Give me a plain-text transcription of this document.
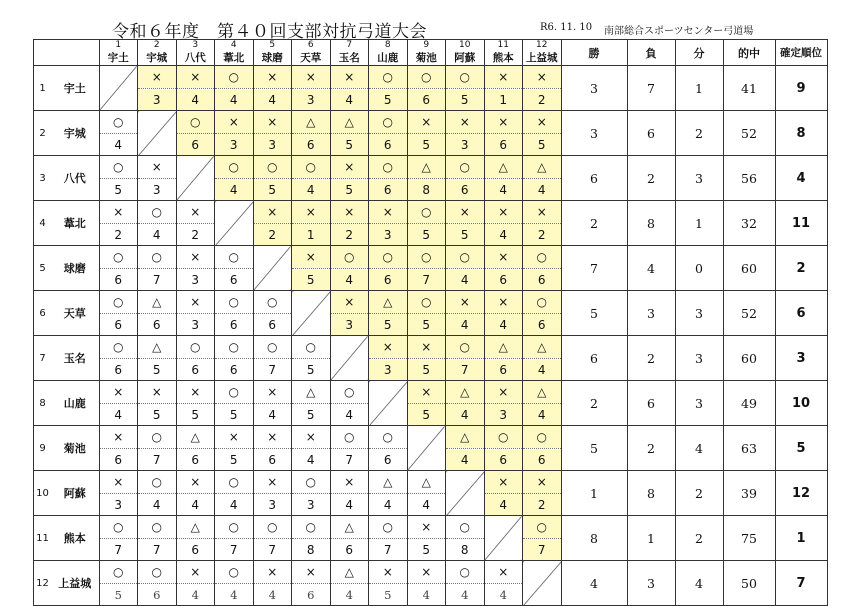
令和６年度　第４０回支部対抗弓道大会	R6. 11. 10 南部総合スポーツセンター弓道場
		1	2	3	4	5	6	7	8	9	10	11	12	勝	負	分	的中	確定順位
		宇土	宇城	八代	葦北	球磨	天草	玉名	山鹿	菊池	阿蘇	熊本	上益城					
1	宇土		×	×	○	×	×	×	○	○	○	×	×	3	7	1	41	9
			3	4	4	4	3	4	5	6	5	1	2					
2	宇城	○		○	×	×	△	△	○	×	×	×	×	3	6	2	52	8
		4		6	3	3	6	5	6	5	3	6	5					
3	八代	○	×		○	○	○	×	○	△	○	△	△	6	2	3	56	4
		5	3		4	5	4	5	6	8	6	4	4					
4	葦北	×	○	×		×	×	×	×	○	×	×	×	2	8	1	32	11
		2	4	2		2	1	2	3	5	5	4	2					
5	球磨	○	○	×	○		×	○	○	○	○	×	○	7	4	0	60	2
		6	7	3	6		5	4	6	7	4	6	6					
6	天草	○	△	×	○	○		×	△	○	×	×	○	5	3	3	52	6
		6	6	3	6	6		3	5	5	4	4	6					
7	玉名	○	△	○	○	○	○		×	×	○	△	△	6	2	3	60	3
		6	5	6	6	7	5		3	5	7	6	4					
8	山鹿	×	×	×	○	×	△	○		×	△	×	△	2	6	3	49	10
		4	5	5	5	4	5	4		5	4	3	4					
9	菊池	×	○	△	×	×	×	○	○		△	○	○	5	2	4	63	5
		6	7	6	5	6	4	7	6		4	6	6					
10	阿蘇	×	○	×	○	×	○	×	△	△		×	×	1	8	2	39	12
		3	4	4	4	3	3	4	4	4		4	2					
11	熊本	○	○	△	○	○	○	△	○	×	○		○	8	1	2	75	1
		7	7	6	7	7	8	6	7	5	8		7					
12	上益城	○	○	×	○	×	×	△	×	×	○	×		4	3	4	50	7
		5	6	4	4	4	6	4	5	4	4	4						
